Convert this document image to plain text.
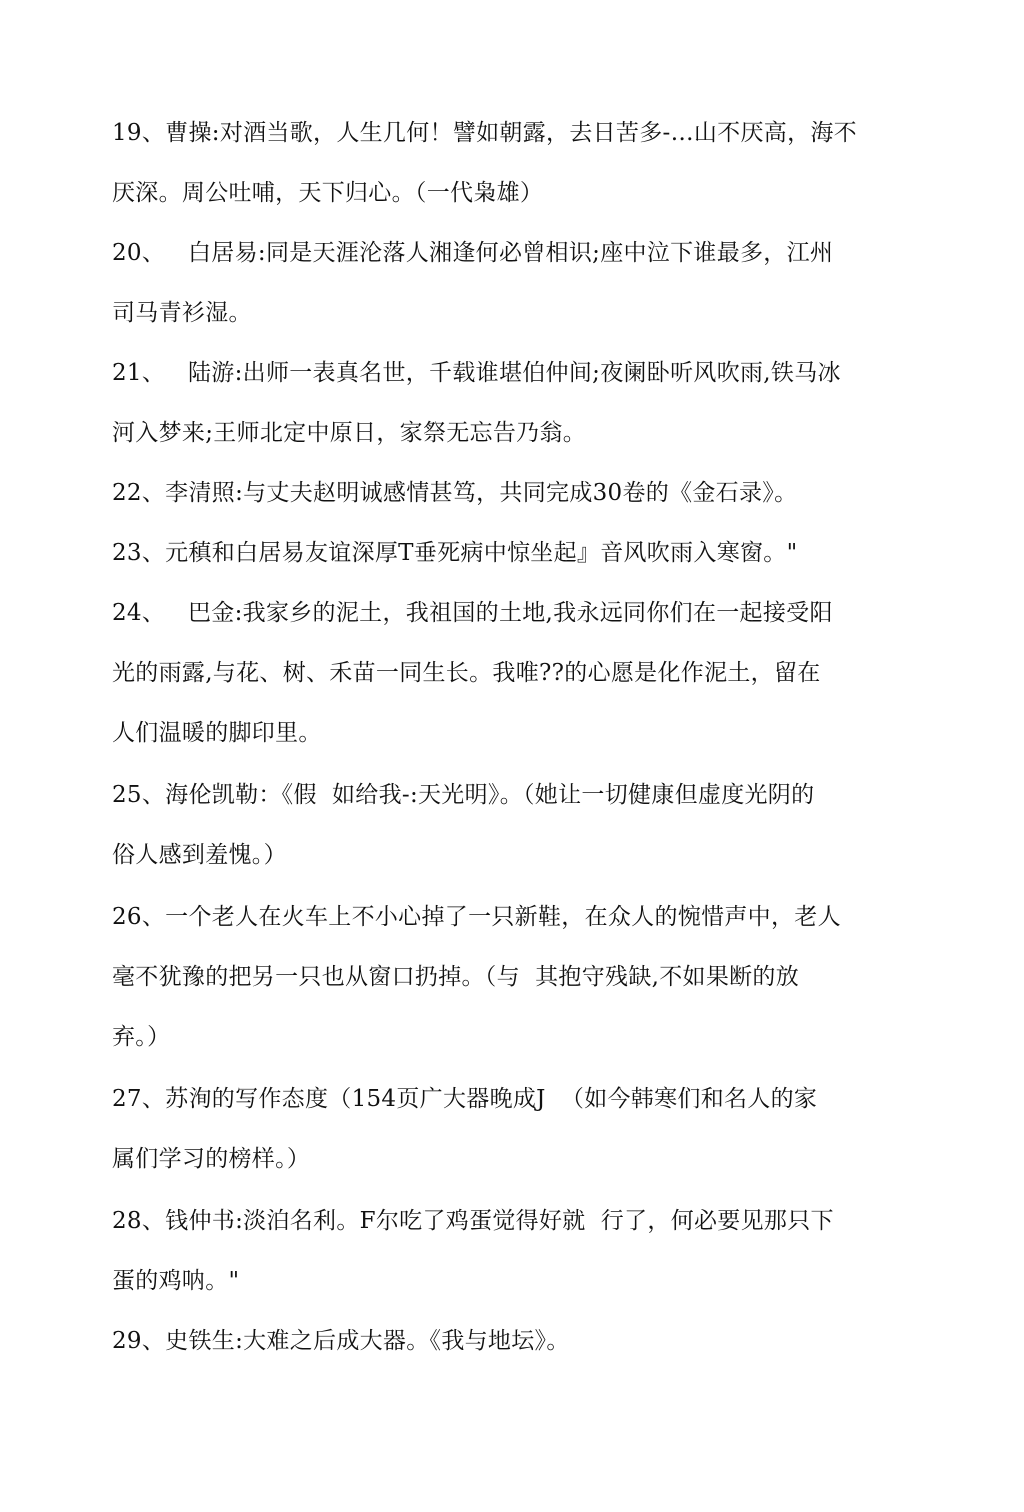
19、曹操:对酒当歌，人生几何！譬如朝露，去日苦多-…山不厌高，海不

厌深。周公吐哺，天下归心。（一代枭雄）

20、   白居易:同是天涯沦落人湘逢何必曾相识;座中泣下谁最多，江州

司马青衫湿。

21、   陆游:出师一表真名世，千载谁堪伯仲间;夜阑卧听风吹雨,铁马冰

河入梦来;王师北定中原日，家祭无忘告乃翁。

22、李清照:与丈夫赵明诚感情甚笃，共同完成30卷的《金石录》。

23、元稹和白居易友谊深厚T垂死病中惊坐起』音风吹雨入寒窗。"

24、   巴金:我家乡的泥土，我祖国的土地,我永远同你们在一起接受阳

光的雨露,与花、树、禾苗一同生长。我唯??的心愿是化作泥土，留在

人们温暖的脚印里。

25、海伦凯勒：《假  如给我-:天光明》。（她让一切健康但虚度光阴的

俗人感到羞愧。）

26、一个老人在火车上不小心掉了一只新鞋，在众人的惋惜声中，老人

毫不犹豫的把另一只也从窗口扔掉。（与  其抱守残缺,不如果断的放

弃。）

27、苏洵的写作态度（154页广大器晚成J  （如今韩寒们和名人的家

属们学习的榜样。）

28、钱仲书:淡泊名利。F尔吃了鸡蛋觉得好就  行了，何必要见那只下

蛋的鸡呐。"

29、史铁生:大难之后成大器。《我与地坛》。
